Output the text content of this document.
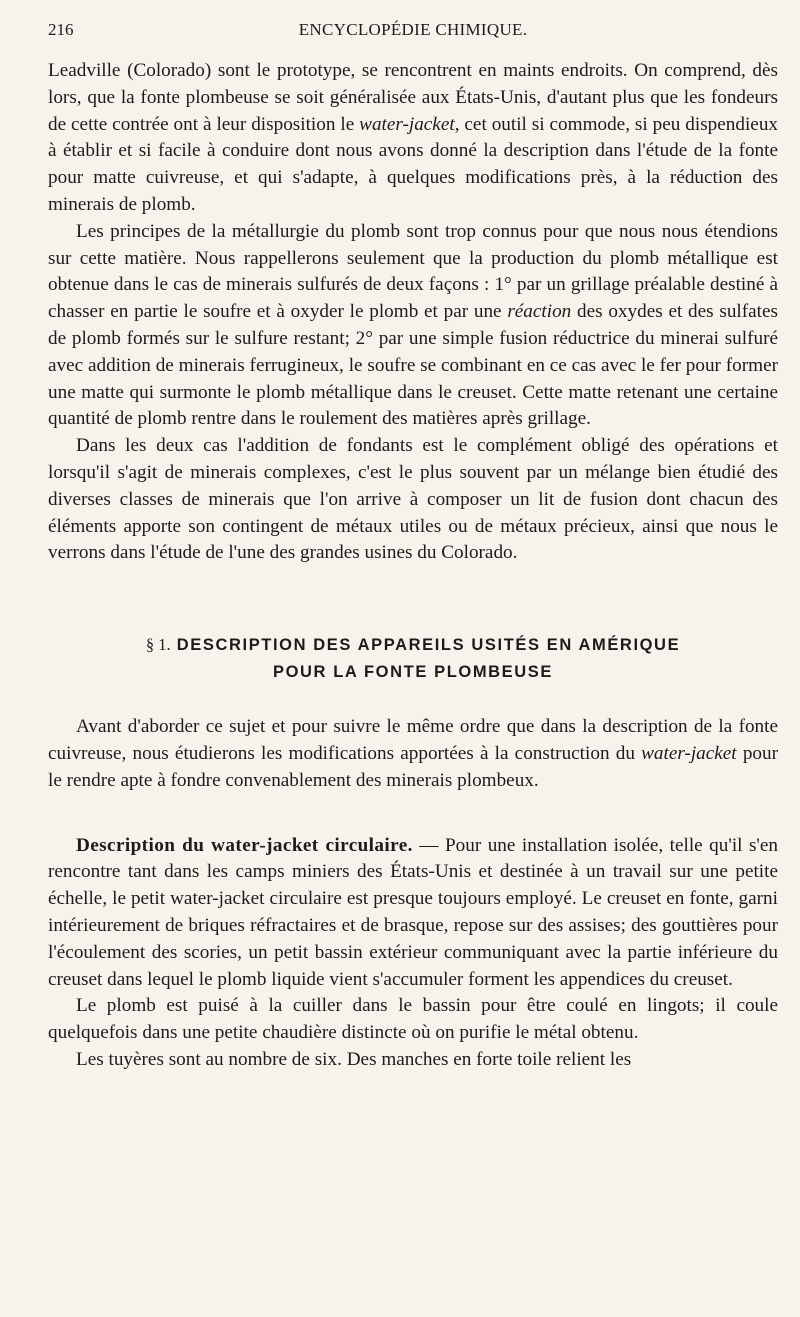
216	ENCYCLOPÉDIE CHIMIQUE.

Leadville (Colorado) sont le prototype, se rencontrent en maints endroits. On comprend, dès lors, que la fonte plombeuse se soit généralisée aux États-Unis, d'autant plus que les fondeurs de cette contrée ont à leur disposition le water-jacket, cet outil si commode, si peu dispendieux à établir et si facile à conduire dont nous avons donné la description dans l'étude de la fonte pour matte cuivreuse, et qui s'adapte, à quelques modifications près, à la réduction des minerais de plomb.

Les principes de la métallurgie du plomb sont trop connus pour que nous nous étendions sur cette matière. Nous rappellerons seulement que la production du plomb métallique est obtenue dans le cas de minerais sulfurés de deux façons : 1° par un grillage préalable destiné à chasser en partie le soufre et à oxyder le plomb et par une réaction des oxydes et des sulfates de plomb formés sur le sulfure restant; 2° par une simple fusion réductrice du minerai sulfuré avec addition de minerais ferrugineux, le soufre se combinant en ce cas avec le fer pour former une matte qui surmonte le plomb métallique dans le creuset. Cette matte retenant une certaine quantité de plomb rentre dans le roulement des matières après grillage.

Dans les deux cas l'addition de fondants est le complément obligé des opérations et lorsqu'il s'agit de minerais complexes, c'est le plus souvent par un mélange bien étudié des diverses classes de minerais que l'on arrive à composer un lit de fusion dont chacun des éléments apporte son contingent de métaux utiles ou de métaux précieux, ainsi que nous le verrons dans l'étude de l'une des grandes usines du Colorado.

§ 1. DESCRIPTION DES APPAREILS USITÉS EN AMÉRIQUE
POUR LA FONTE PLOMBEUSE

Avant d'aborder ce sujet et pour suivre le même ordre que dans la description de la fonte cuivreuse, nous étudierons les modifications apportées à la construction du water-jacket pour le rendre apte à fondre convenablement des minerais plombeux.

Description du water-jacket circulaire. — Pour une installation isolée, telle qu'il s'en rencontre tant dans les camps miniers des États-Unis et destinée à un travail sur une petite échelle, le petit water-jacket circulaire est presque toujours employé. Le creuset en fonte, garni intérieurement de briques réfractaires et de brasque, repose sur des assises; des gouttières pour l'écoulement des scories, un petit bassin extérieur communiquant avec la partie inférieure du creuset dans lequel le plomb liquide vient s'accumuler forment les appendices du creuset.

Le plomb est puisé à la cuiller dans le bassin pour être coulé en lingots; il coule quelquefois dans une petite chaudière distincte où on purifie le métal obtenu.

Les tuyères sont au nombre de six. Des manches en forte toile relient les
